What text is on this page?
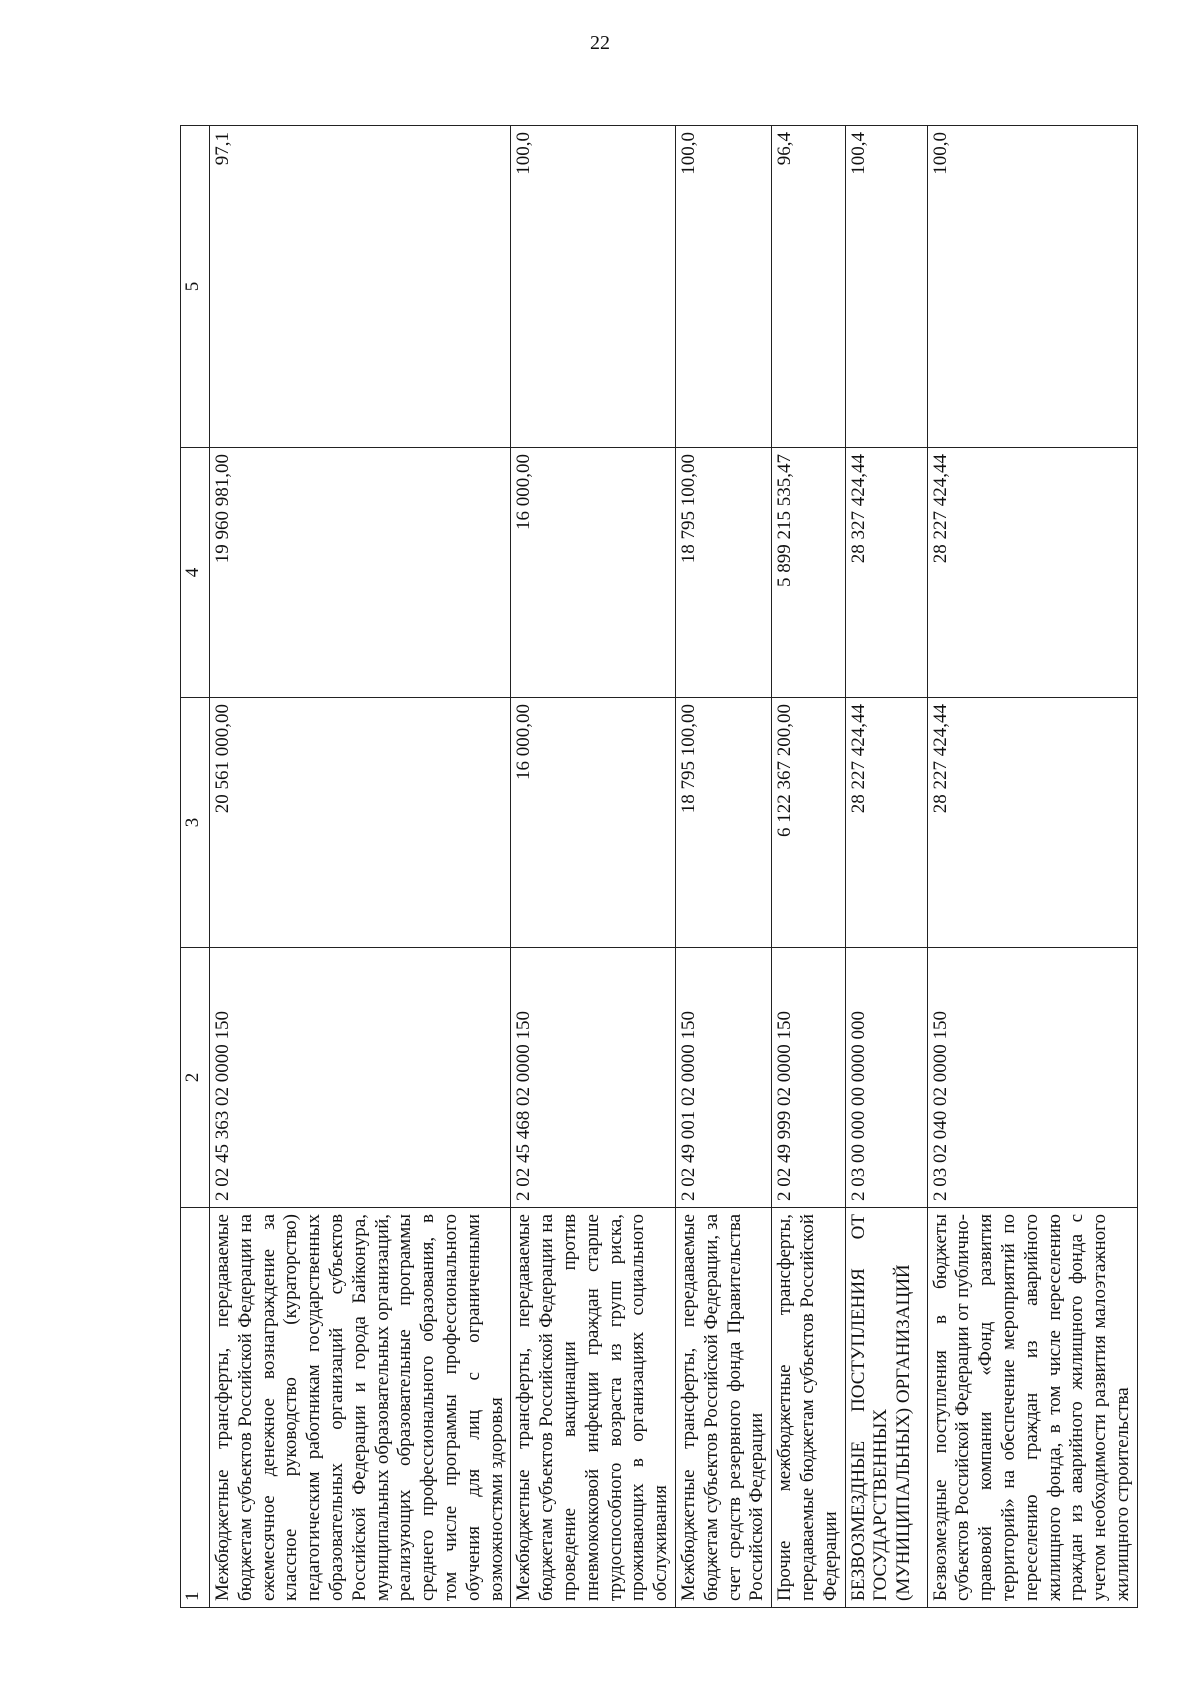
22
1	2	3	4	5
Межбюджетные трансферты, передаваемые бюджетам субъектов Российской Федерации на ежемесячное денежное вознаграждение за классное руководство (кураторство) педагогическим работникам государственных образовательных организаций субъектов Российской Федерации и города Байконура, муниципальных образовательных организаций, реализующих образовательные программы среднего профессионального образования, в том числе программы профессионального обучения для лиц с ограниченными возможностями здоровья	2 02 45 363 02 0000 150	20 561 000,00	19 960 981,00	97,1
Межбюджетные трансферты, передаваемые бюджетам субъектов Российской Федерации на проведение вакцинации против пневмококковой инфекции граждан старше трудоспособного возраста из групп риска, проживающих в организациях социального обслуживания	2 02 45 468 02 0000 150	16 000,00	16 000,00	100,0
Межбюджетные трансферты, передаваемые бюджетам субъектов Российской Федерации, за счет средств резервного фонда Правительства Российской Федерации	2 02 49 001 02 0000 150	18 795 100,00	18 795 100,00	100,0
Прочие межбюджетные трансферты, передаваемые бюджетам субъектов Российской Федерации	2 02 49 999 02 0000 150	6 122 367 200,00	5 899 215 535,47	96,4
БЕЗВОЗМЕЗДНЫЕ ПОСТУПЛЕНИЯ ОТ ГОСУДАРСТВЕННЫХ (МУНИЦИПАЛЬНЫХ) ОРГАНИЗАЦИЙ	2 03 00 000 00 0000 000	28 227 424,44	28 327 424,44	100,4
Безвозмездные поступления в бюджеты субъектов Российской Федерации от публично-правовой компании «Фонд развития территорий» на обеспечение мероприятий по переселению граждан из аварийного жилищного фонда, в том числе переселению граждан из аварийного жилищного фонда с учетом необходимости развития малоэтажного жилищного строительства	2 03 02 040 02 0000 150	28 227 424,44	28 227 424,44	100,0
